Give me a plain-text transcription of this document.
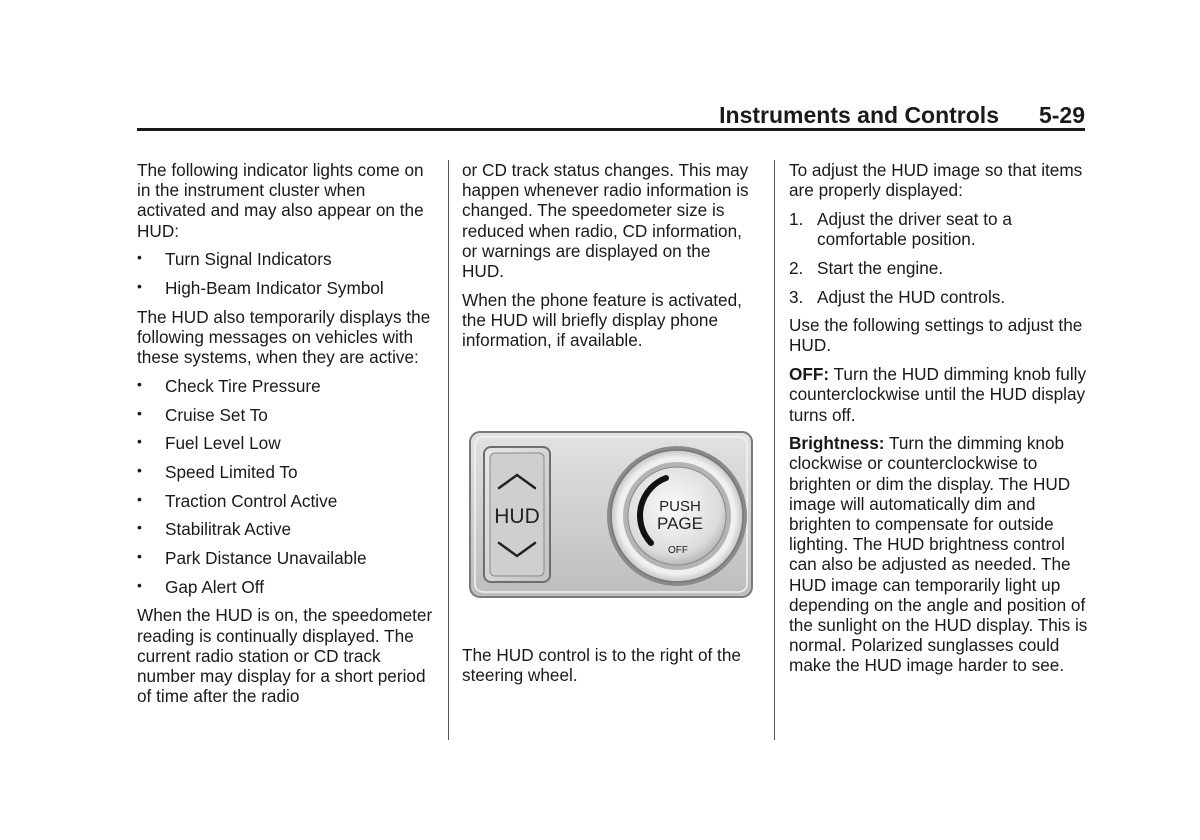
Instruments and Controls 5-29

The following indicator lights come on in the instrument cluster when activated and may also appear on the HUD:

• Turn Signal Indicators
• High-Beam Indicator Symbol

The HUD also temporarily displays the following messages on vehicles with these systems, when they are active:

• Check Tire Pressure
• Cruise Set To
• Fuel Level Low
• Speed Limited To
• Traction Control Active
• Stabilitrak Active
• Park Distance Unavailable
• Gap Alert Off

When the HUD is on, the speedometer reading is continually displayed. The current radio station or CD track number may display for a short period of time after the radio

or CD track status changes. This may happen whenever radio information is changed. The speedometer size is reduced when radio, CD information, or warnings are displayed on the HUD.

When the phone feature is activated, the HUD will briefly display phone information, if available.

HUD	PUSH
PAGE
OFF
The HUD control is to the right of the steering wheel.

To adjust the HUD image so that items are properly displayed:

1. Adjust the driver seat to a comfortable position.
2. Start the engine.
3. Adjust the HUD controls.

Use the following settings to adjust the HUD.

OFF: Turn the HUD dimming knob fully counterclockwise until the HUD display turns off.

Brightness: Turn the dimming knob clockwise or counterclockwise to brighten or dim the display. The HUD image will automatically dim and brighten to compensate for outside lighting. The HUD brightness control can also be adjusted as needed. The HUD image can temporarily light up depending on the angle and position of the sunlight on the HUD display. This is normal. Polarized sunglasses could make the HUD image harder to see.
